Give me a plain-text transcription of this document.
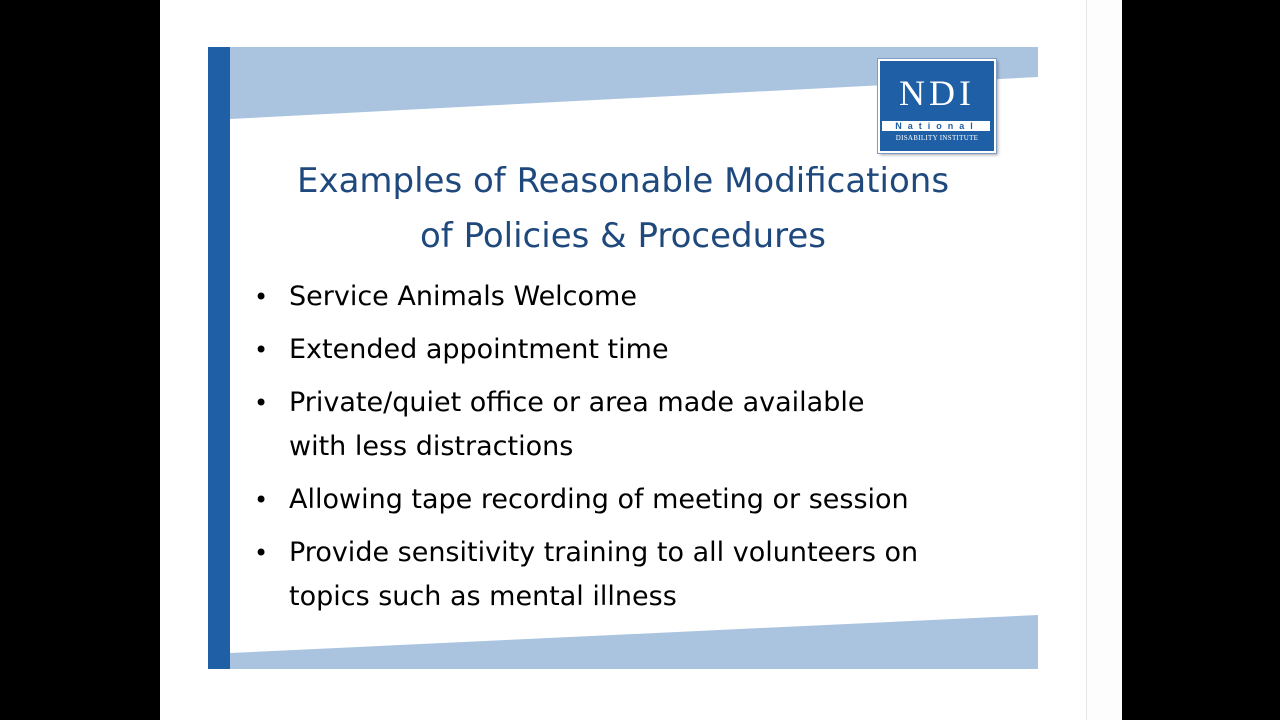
NDI
National
DISABILITY INSTITUTE
Examples of Reasonable Modifications
of Policies & Procedures
• Service Animals Welcome
• Extended appointment time
• Private/quiet office or area made available
with less distractions
• Allowing tape recording of meeting or session
• Provide sensitivity training to all volunteers on
topics such as mental illness
